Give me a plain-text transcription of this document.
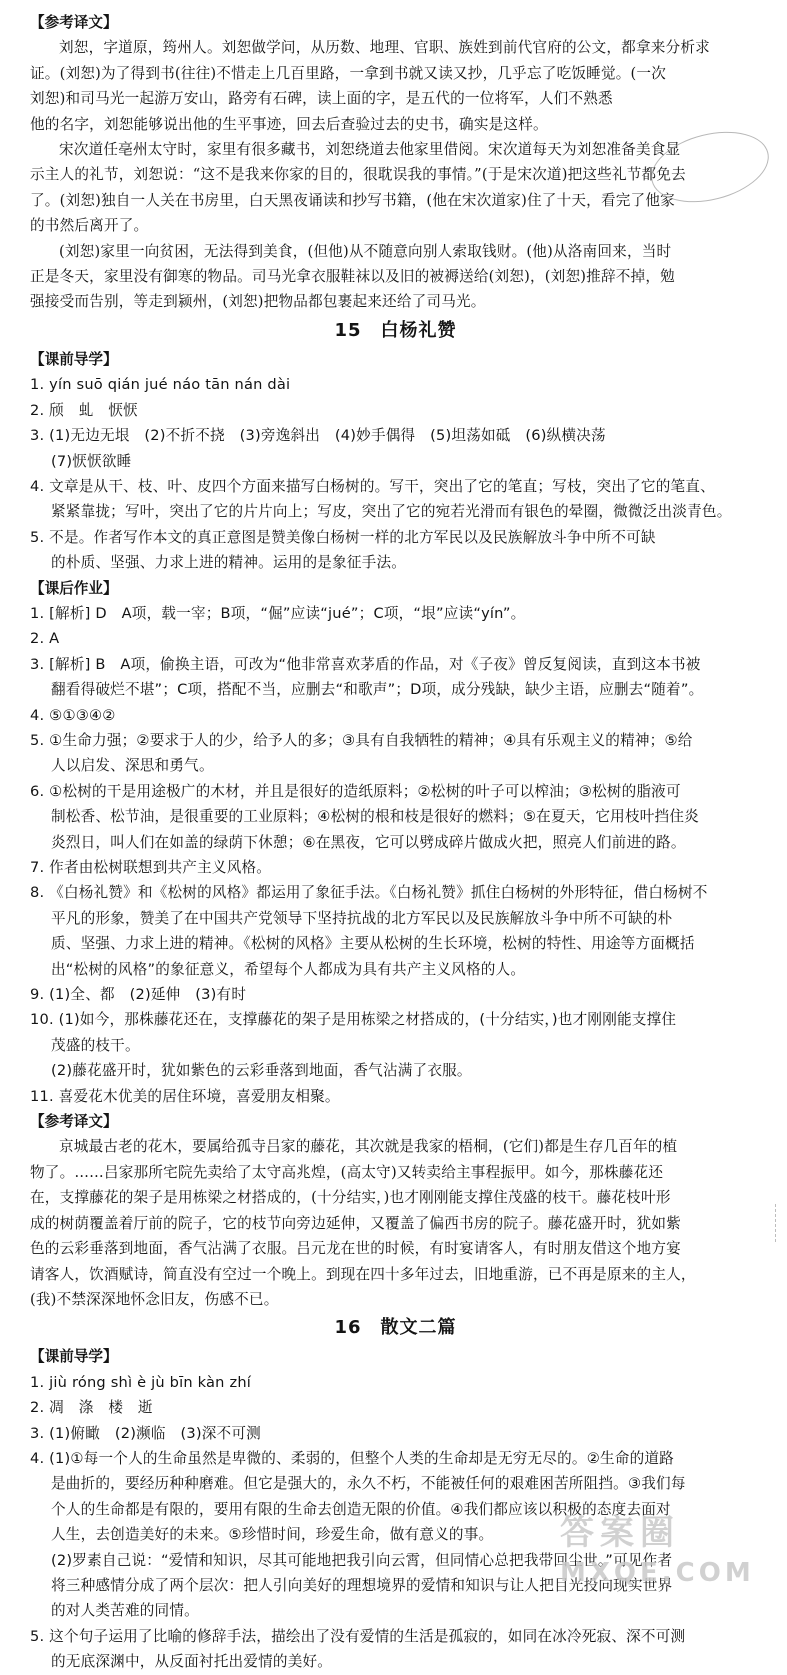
【参考译文】
刘恕，字道原，筠州人。刘恕做学问，从历数、地理、官职、族姓到前代官府的公文，都拿来分析求
证。(刘恕)为了得到书(往往)不惜走上几百里路，一拿到书就又读又抄，几乎忘了吃饭睡觉。(一次
刘恕)和司马光一起游万安山，路旁有石碑，读上面的字，是五代的一位将军，人们不熟悉
他的名字，刘恕能够说出他的生平事迹，回去后查验过去的史书，确实是这样。
宋次道任亳州太守时，家里有很多藏书，刘恕绕道去他家里借阅。宋次道每天为刘恕准备美食显
示主人的礼节，刘恕说：“这不是我来你家的目的，很耽误我的事情。”(于是宋次道)把这些礼节都免去
了。(刘恕)独自一人关在书房里，白天黑夜诵读和抄写书籍，(他在宋次道家)住了十天，看完了他家
的书然后离开了。
(刘恕)家里一向贫困，无法得到美食，(但他)从不随意向别人索取钱财。(他)从洛南回来，当时
正是冬天，家里没有御寒的物品。司马光拿衣服鞋袜以及旧的被褥送给(刘恕)，(刘恕)推辞不掉，勉
强接受而告别，等走到颍州，(刘恕)把物品都包裹起来还给了司马光。
15　白杨礼赞
【课前导学】
1. yín suō qián jué náo tān nán dài
2. 颀　虬　恹恹
3. (1)无边无垠　(2)不折不挠　(3)旁逸斜出　(4)妙手偶得　(5)坦荡如砥　(6)纵横决荡
(7)恹恹欲睡
4. 文章是从干、枝、叶、皮四个方面来描写白杨树的。写干，突出了它的笔直；写枝，突出了它的笔直、
紧紧靠拢；写叶，突出了它的片片向上；写皮，突出了它的宛若光滑而有银色的晕圈，微微泛出淡青色。
5. 不是。作者写作本文的真正意图是赞美像白杨树一样的北方军民以及民族解放斗争中所不可缺
的朴质、坚强、力求上进的精神。运用的是象征手法。
【课后作业】
1. [解析] D　A项，载一宰；B项，“倔”应读“jué”；C项，“垠”应读“yín”。
2. A
3. [解析] B　A项，偷换主语，可改为“他非常喜欢茅盾的作品，对《子夜》曾反复阅读，直到这本书被
翻看得破烂不堪”；C项，搭配不当，应删去“和歌声”；D项，成分残缺，缺少主语，应删去“随着”。
4. ⑤①③④②
5. ①生命力强；②要求于人的少，给予人的多；③具有自我牺牲的精神；④具有乐观主义的精神；⑤给
人以启发、深思和勇气。
6. ①松树的干是用途极广的木材，并且是很好的造纸原料；②松树的叶子可以榨油；③松树的脂液可
制松香、松节油，是很重要的工业原料；④松树的根和枝是很好的燃料；⑤在夏天，它用枝叶挡住炎
炎烈日，叫人们在如盖的绿荫下休憩；⑥在黑夜，它可以劈成碎片做成火把，照亮人们前进的路。
7. 作者由松树联想到共产主义风格。
8. 《白杨礼赞》和《松树的风格》都运用了象征手法。《白杨礼赞》抓住白杨树的外形特征，借白杨树不
平凡的形象，赞美了在中国共产党领导下坚持抗战的北方军民以及民族解放斗争中所不可缺的朴
质、坚强、力求上进的精神。《松树的风格》主要从松树的生长环境，松树的特性、用途等方面概括
出“松树的风格”的象征意义，希望每个人都成为具有共产主义风格的人。
9. (1)全、都　(2)延伸　(3)有时
10. (1)如今，那株藤花还在，支撑藤花的架子是用栋梁之材搭成的，(十分结实，)也才刚刚能支撑住
茂盛的枝干。
(2)藤花盛开时，犹如紫色的云彩垂落到地面，香气沾满了衣服。
11. 喜爱花木优美的居住环境，喜爱朋友相聚。
【参考译文】
京城最古老的花木，要属给孤寺吕家的藤花，其次就是我家的梧桐，(它们)都是生存几百年的植
物了。……吕家那所宅院先卖给了太守高兆煌，(高太守)又转卖给主事程振甲。如今，那株藤花还
在，支撑藤花的架子是用栋梁之材搭成的，(十分结实，)也才刚刚能支撑住茂盛的枝干。藤花枝叶形
成的树荫覆盖着厅前的院子，它的枝节向旁边延伸，又覆盖了偏西书房的院子。藤花盛开时，犹如紫
色的云彩垂落到地面，香气沾满了衣服。吕元龙在世的时候，有时宴请客人，有时朋友借这个地方宴
请客人，饮酒赋诗，简直没有空过一个晚上。到现在四十多年过去，旧地重游，已不再是原来的主人，
(我)不禁深深地怀念旧友，伤感不已。
16　散文二篇
【课前导学】
1. jiù róng shì è jù bīn kàn zhí
2. 凋　涤　楼　逝
3. (1)俯瞰　(2)濒临　(3)深不可测
4. (1)①每一个人的生命虽然是卑微的、柔弱的，但整个人类的生命却是无穷无尽的。②生命的道路
是曲折的，要经历种种磨难。但它是强大的，永久不朽，不能被任何的艰难困苦所阻挡。③我们每
个人的生命都是有限的，要用有限的生命去创造无限的价值。④我们都应该以积极的态度去面对
人生，去创造美好的未来。⑤珍惜时间，珍爱生命，做有意义的事。
(2)罗素自己说：“爱情和知识，尽其可能地把我引向云霄，但同情心总把我带回尘世。”可见作者
将三种感情分成了两个层次：把人引向美好的理想境界的爱情和知识与让人把目光投向现实世界
的对人类苦难的同情。
5. 这个句子运用了比喻的修辞手法，描绘出了没有爱情的生活是孤寂的，如同在冰冷死寂、深不可测
的无底深渊中，从反面衬托出爱情的美好。
答案圈
MXQE.COM
